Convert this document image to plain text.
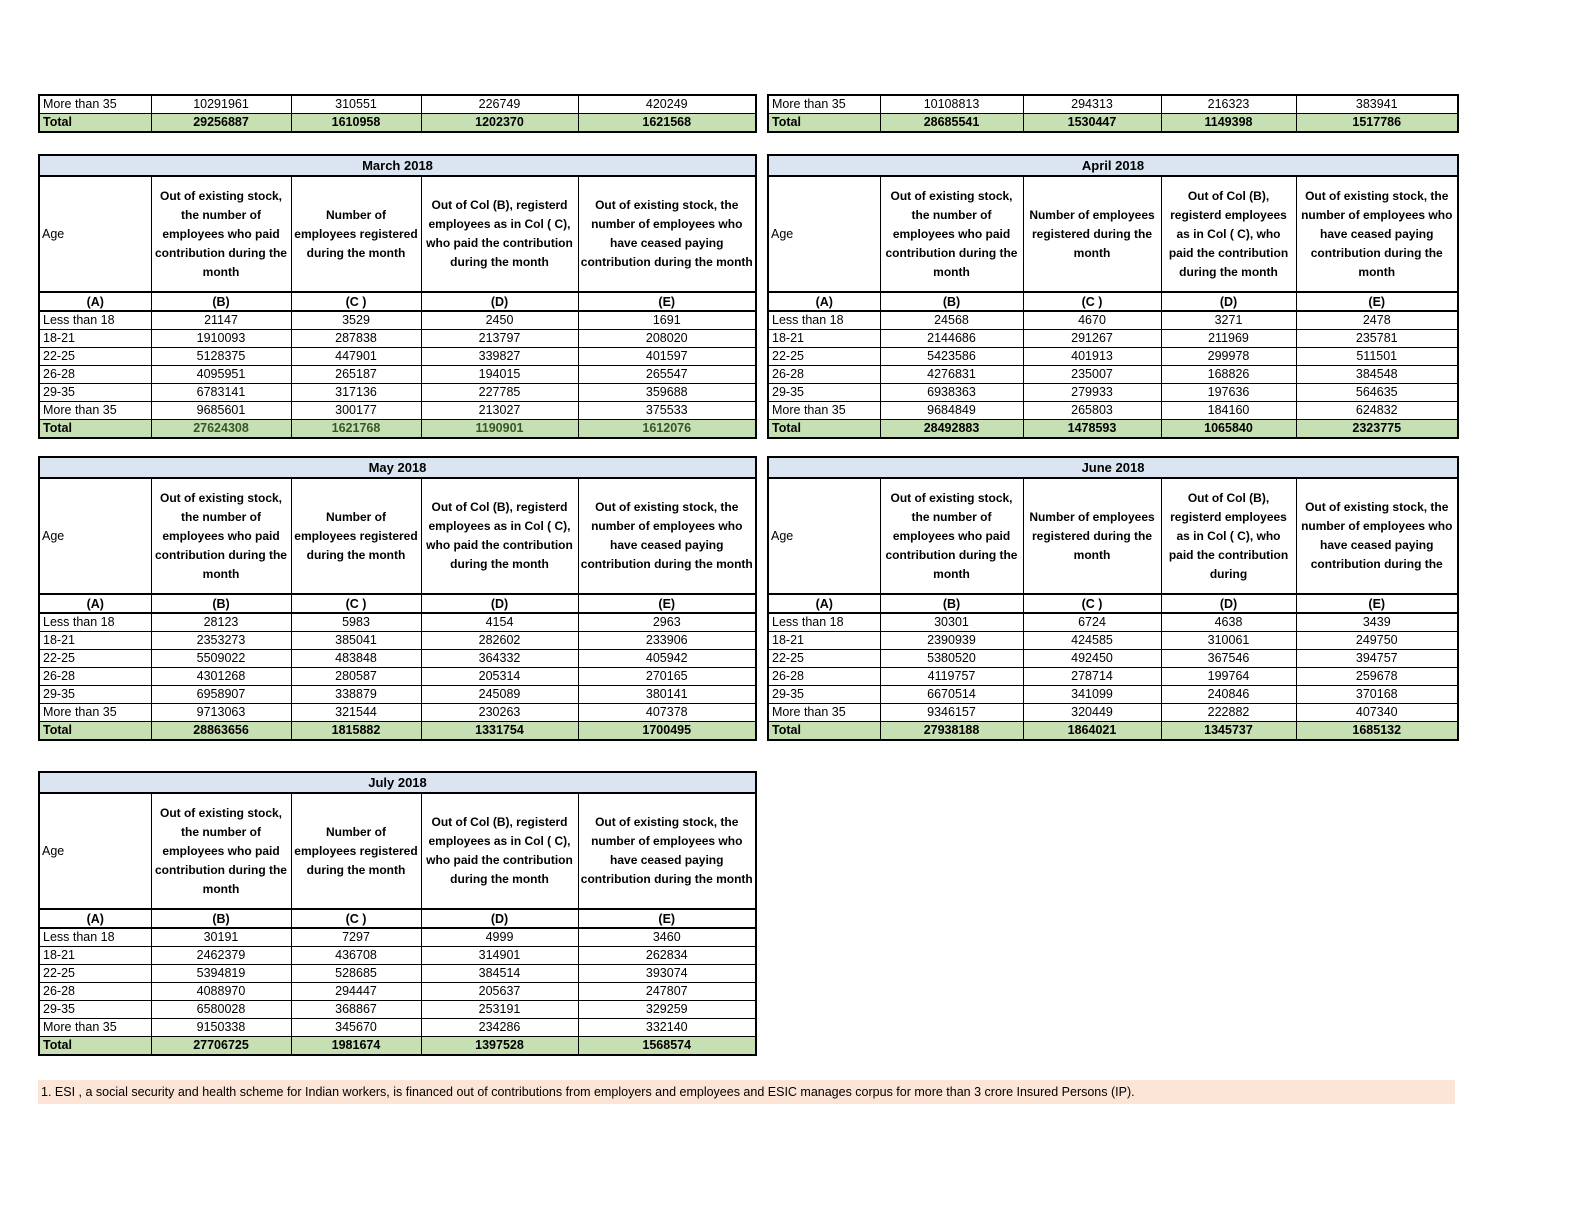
More than 35	10291961	310551	226749	420249
Total	29256887	1610958	1202370	1621568
More than 35	10108813	294313	216323	383941
Total	28685541	1530447	1149398	1517786
March 2018				

Age	Out of existing stock, the number of employees who paid contribution during the month	Number of employees registered during the month	Out of Col (B), registerd employees as in Col ( C), who paid the contribution during the month	Out of existing stock, the number of employees who have ceased paying contribution during the month

(A)	(B)	(C )	(D)	(E)
Less than 18	21147	3529	2450	1691
18-21	1910093	287838	213797	208020
22-25	5128375	447901	339827	401597
26-28	4095951	265187	194015	265547
29-35	6783141	317136	227785	359688
More than 35	9685601	300177	213027	375533
Total	27624308	1621768	1190901	1612076
April 2018				

Age	Out of existing stock, the number of employees who paid contribution during the month	Number of employees registered during the month	Out of Col (B), registerd employees as in Col ( C), who paid the contribution during the month	Out of existing stock, the number of employees who have ceased paying contribution during the month

(A)	(B)	(C )	(D)	(E)
Less than 18	24568	4670	3271	2478
18-21	2144686	291267	211969	235781
22-25	5423586	401913	299978	511501
26-28	4276831	235007	168826	384548
29-35	6938363	279933	197636	564635
More than 35	9684849	265803	184160	624832
Total	28492883	1478593	1065840	2323775
May 2018				

Age	Out of existing stock, the number of employees who paid contribution during the month	Number of employees registered during the month	Out of Col (B), registerd employees as in Col ( C), who paid the contribution during the month	Out of existing stock, the number of employees who have ceased paying contribution during the month

(A)	(B)	(C )	(D)	(E)
Less than 18	28123	5983	4154	2963
18-21	2353273	385041	282602	233906
22-25	5509022	483848	364332	405942
26-28	4301268	280587	205314	270165
29-35	6958907	338879	245089	380141
More than 35	9713063	321544	230263	407378
Total	28863656	1815882	1331754	1700495
June 2018				

Age	Out of existing stock, the number of employees who paid contribution during the month	Number of employees registered during the month	Out of Col (B), registerd employees as in Col ( C), who paid the contribution during	Out of existing stock, the number of employees who have ceased paying contribution during the

(A)	(B)	(C )	(D)	(E)
Less than 18	30301	6724	4638	3439
18-21	2390939	424585	310061	249750
22-25	5380520	492450	367546	394757
26-28	4119757	278714	199764	259678
29-35	6670514	341099	240846	370168
More than 35	9346157	320449	222882	407340
Total	27938188	1864021	1345737	1685132
July 2018				

Age	Out of existing stock, the number of employees who paid contribution during the month	Number of employees registered during the month	Out of Col (B), registerd employees as in Col ( C), who paid the contribution during the month	Out of existing stock, the number of employees who have ceased paying contribution during the month

(A)	(B)	(C )	(D)	(E)
Less than 18	30191	7297	4999	3460
18-21	2462379	436708	314901	262834
22-25	5394819	528685	384514	393074
26-28	4088970	294447	205637	247807
29-35	6580028	368867	253191	329259
More than 35	9150338	345670	234286	332140
Total	27706725	1981674	1397528	1568574
1. ESI , a social security and health scheme for Indian workers, is financed out of contributions from employers and employees and ESIC manages corpus for more than 3 crore Insured Persons (IP).
